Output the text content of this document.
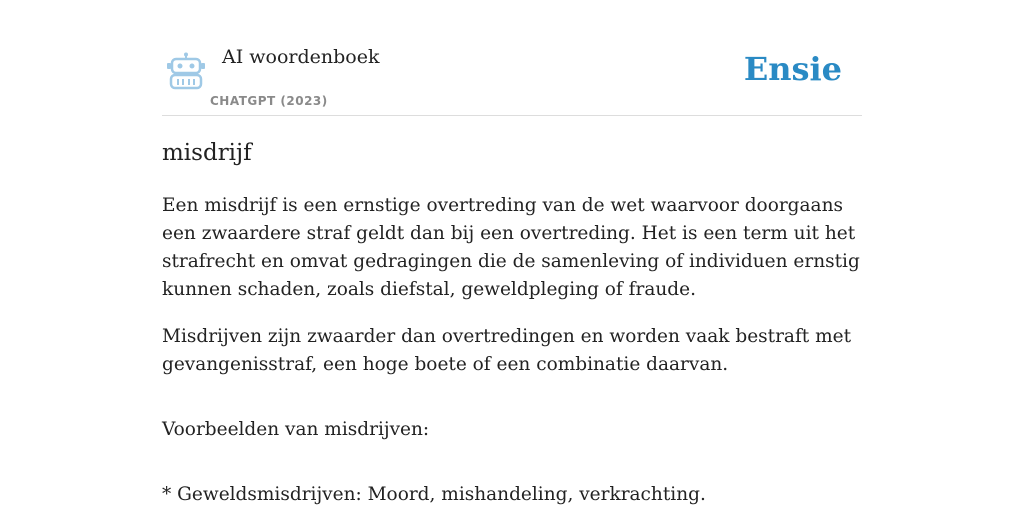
AI woordenboek
CHATGPT (2023)
Ensie
misdrijf

Een misdrijf is een ernstige overtreding van de wet waarvoor doorgaans een zwaardere straf geldt dan bij een overtreding. Het is een term uit het strafrecht en omvat gedragingen die de samenleving of individuen ernstig kunnen schaden, zoals diefstal, geweldpleging of fraude.

Misdrijven zijn zwaarder dan overtredingen en worden vaak bestraft met gevangenisstraf, een hoge boete of een combinatie daarvan.

Voorbeelden van misdrijven:

* Geweldsmisdrijven: Moord, mishandeling, verkrachting.
